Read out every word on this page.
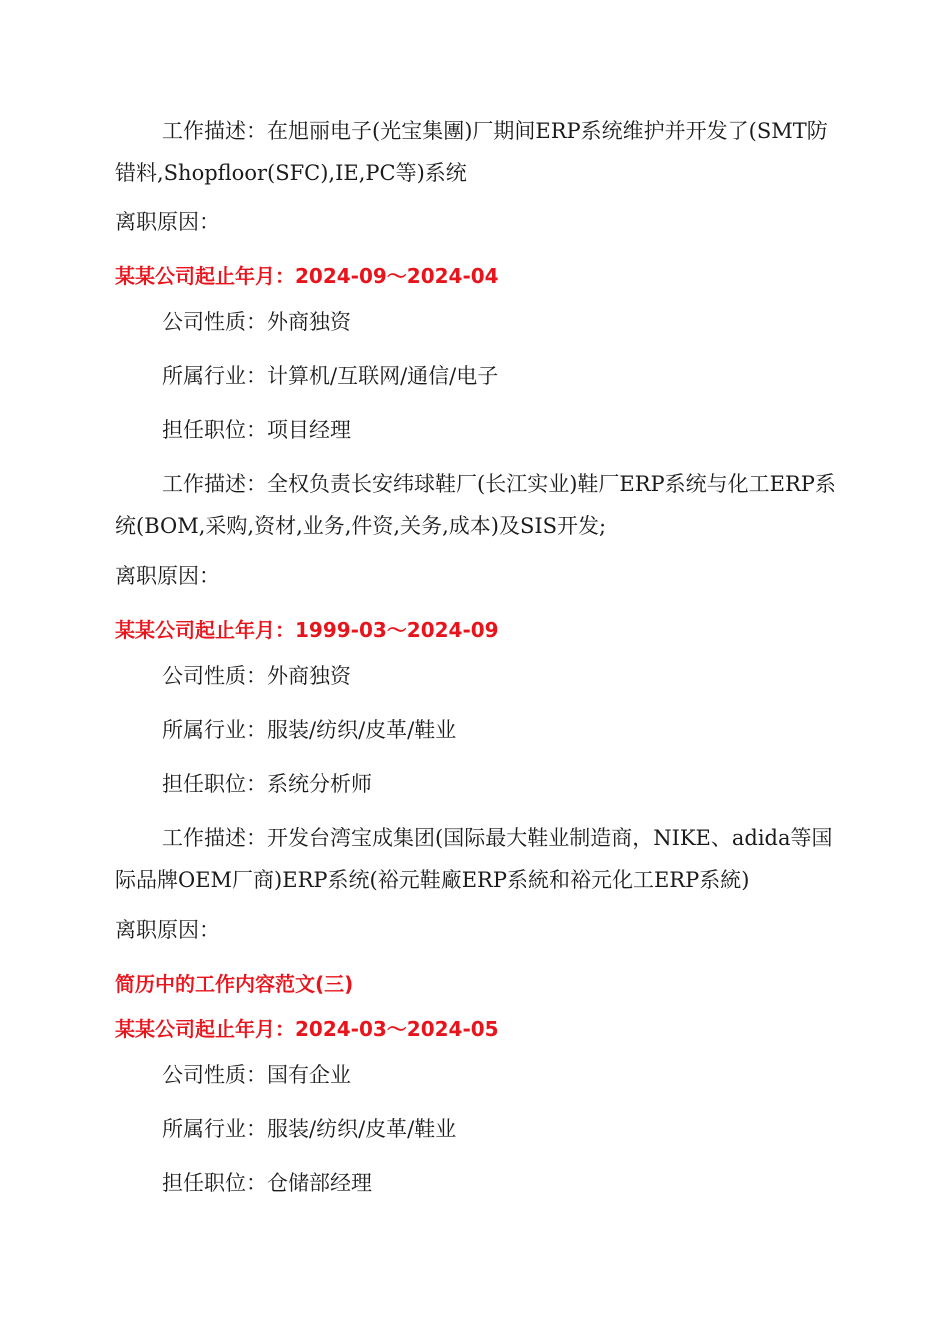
工作描述：在旭丽电子(光宝集團)厂期间ERP系统维护并开发了(SMT防错料,Shopfloor(SFC),IE,PC等)系统
离职原因：
某某公司起止年月：2024-09～2024-04
公司性质：外商独资
所属行业：计算机/互联网/通信/电子
担任职位：项目经理
工作描述：全权负责长安纬球鞋厂(长江实业)鞋厂ERP系统与化工ERP系统(BOM,采购,资材,业务,件资,关务,成本)及SIS开发;
离职原因：
某某公司起止年月：1999-03～2024-09
公司性质：外商独资
所属行业：服装/纺织/皮革/鞋业
担任职位：系统分析师
工作描述：开发台湾宝成集团(国际最大鞋业制造商，NIKE、adida等国际品牌OEM厂商)ERP系统(裕元鞋廠ERP系統和裕元化工ERP系統)
离职原因：
简历中的工作内容范文(三)
某某公司起止年月：2024-03～2024-05
公司性质：国有企业
所属行业：服装/纺织/皮革/鞋业
担任职位：仓储部经理
